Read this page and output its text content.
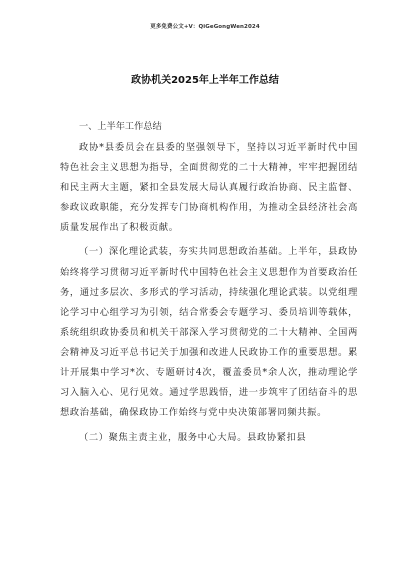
更多免费公文+V：QiGeGongWen2024
政协机关2025年上半年工作总结

一、上半年工作总结

政协*县委员会在县委的坚强领导下，坚持以习近平新时代中国特色社会主义思想为指导，全面贯彻党的二十大精神，牢牢把握团结和民主两大主题，紧扣全县发展大局认真履行政治协商、民主监督、参政议政职能，充分发挥专门协商机构作用，为推动全县经济社会高质量发展作出了积极贡献。

（一）深化理论武装，夯实共同思想政治基础。上半年，县政协始终将学习贯彻习近平新时代中国特色社会主义思想作为首要政治任务，通过多层次、多形式的学习活动，持续强化理论武装。以党组理论学习中心组学习为引领，结合常委会专题学习、委员培训等载体，系统组织政协委员和机关干部深入学习贯彻党的二十大精神、全国两会精神及习近平总书记关于加强和改进人民政协工作的重要思想。累计开展集中学习*次、专题研讨4次，覆盖委员*余人次，推动理论学习入脑入心、见行见效。通过学思践悟，进一步筑牢了团结奋斗的思想政治基础，确保政协工作始终与党中央决策部署同频共振。

（二）聚焦主责主业，服务中心大局。县政协紧扣县
